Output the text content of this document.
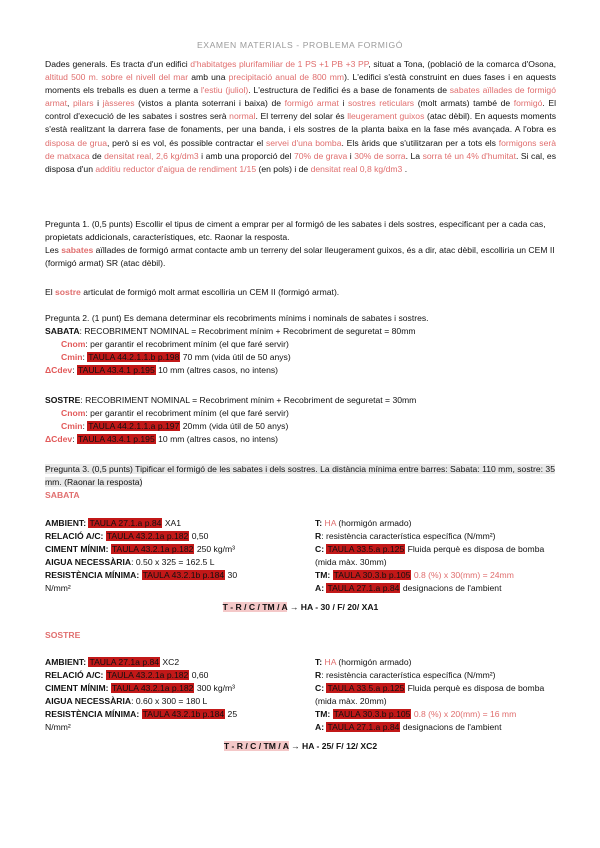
EXAMEN MATERIALS - PROBLEMA FORMIGÓ
Dades generals. Es tracta d'un edifici d'habitatges plurifamiliar de 1 PS +1 PB +3 PP, situat a Tona, (població de la comarca d'Osona, altitud 500 m. sobre el nivell del mar amb una precipitació anual de 800 mm). L'edifici s'està construint en dues fases i en aquests moments els treballs es duen a terme a l'estiu (juliol). L'estructura de l'edifici és a base de fonaments de sabates aïllades de formigó armat, pilars i jàsseres (vistos a planta soterrani i baixa) de formigó armat i sostres reticulars (molt armats) també de formigó. El control d'execució de les sabates i sostres serà normal. El terreny del solar és lleugerament guixos (atac dèbil). En aquests moments s'està realitzant la darrera fase de fonaments, per una banda, i els sostres de la planta baixa en la fase més avançada. A l'obra es disposa de grua, però si es vol, és possible contractar el servei d'una bomba. Els àrids que s'utilitzaran per a tots els formigons serà de matxaca de densitat real, 2,6 kg/dm3 i amb una proporció del 70% de grava i 30% de sorra. La sorra té un 4% d'humitat. Si cal, es disposa d'un additiu reductor d'aigua de rendiment 1/15 (en pols) i de densitat real 0,8 kg/dm3 .
Pregunta 1. (0,5 punts) Escollir el tipus de ciment a emprar per al formigó de les sabates i dels sostres, especificant per a cada cas, propietats addicionals, característiques, etc. Raonar la resposta.
Les sabates aïllades de formigó armat contacte amb un terreny del solar lleugerament guixos, és a dir, atac dèbil, escolliria un CEM II (formigó armat) SR (atac dèbil).
El sostre articulat de formigó molt armat escolliria un CEM II (formigó armat).
Pregunta 2. (1 punt) Es demana determinar els recobriments mínims i nominals de sabates i sostres.
SABATA: RECOBRIMENT NOMINAL = Recobriment mínim + Recobriment de seguretat = 80mm
Cnom: per garantir el recobriment mínim (el que faré servir)
Cmin: TAULA 44.2.1.1.b p.198 70 mm (vida útil de 50 anys)
ΔCdev: TAULA 43.4.1 p.195 10 mm (altres casos, no intens)
SOSTRE: RECOBRIMENT NOMINAL = Recobriment mínim + Recobriment de seguretat = 30mm
Cnom: per garantir el recobriment mínim (el que faré servir)
Cmin: TAULA 44.2.1.1.a p.197 20mm (vida útil de 50 anys)
ΔCdev: TAULA 43.4.1 p.195 10 mm (altres casos, no intens)
Pregunta 3. (0,5 punts) Tipificar el formigó de les sabates i dels sostres. La distància mínima entre barres: Sabata: 110 mm, sostre: 35 mm. (Raonar la resposta)
SABATA
AMBIENT: TAULA 27.1.a p.84 XA1
RELACIÓ A/C: TAULA 43.2.1a p.182 0,50
CIMENT MÍNIM: TAULA 43.2.1a p.182 250 kg/m³
AIGUA NECESSÀRIA: 0.50 x 325 = 162.5 L
RESISTÈNCIA MÍNIMA: TAULA 43.2.1b p.184 30
N/mm²
T: HA (hormigón armado)
R: resistència característica específica (N/mm²)
C: TAULA 33.5.a p.125 Fluida perquè es disposa de bomba (mida màx. 30mm)
TM: TAULA 30.3.b p.105 0.8 (%) x 30(mm) = 24mm
A: TAULA 27.1.a p.84 designacions de l'ambient
T - R / C / TM / A → HA - 30 / F/ 20/ XA1
SOSTRE
AMBIENT: TAULA 27.1a p.84 XC2
RELACIÓ A/C: TAULA 43.2.1a p.182 0,60
CIMENT MÍNIM: TAULA 43.2.1a p.182 300 kg/m³
AIGUA NECESSÀRIA: 0.60 x 300 = 180 L
RESISTÈNCIA MÍNIMA: TAULA 43.2.1b p.184 25
N/mm²
T: HA (hormigón armado)
R: resistència característica específica (N/mm²)
C: TAULA 33.5.a p.125 Fluida perquè es disposa de bomba (mida màx. 20mm)
TM: TAULA 30.3.b p.105 0.8 (%) x 20(mm) = 16 mm
A: TAULA 27.1.a p.84 designacions de l'ambient
T - R / C / TM / A → HA - 25/ F/ 12/ XC2
